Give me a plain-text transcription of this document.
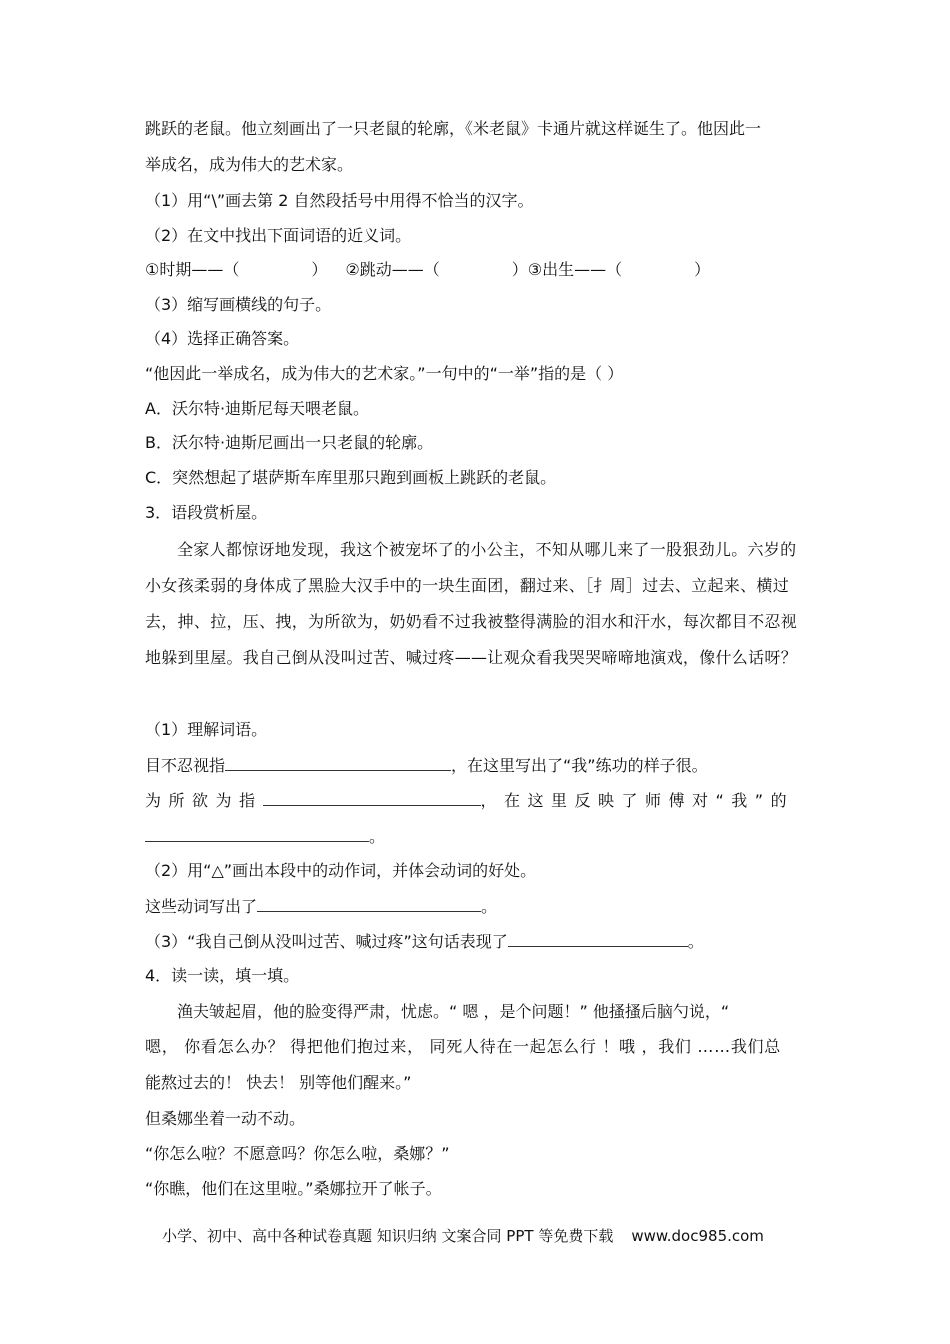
跳跃的老鼠。他立刻画出了一只老鼠的轮廓，《米老鼠》卡通片就这样诞生了。他因此一
举成名，成为伟大的艺术家。
（1）用“\”画去第 2 自然段括号中用得不恰当的汉字。
（2）在文中找出下面词语的近义词。
①时期——（	） ②跳动——（	）③出生——（	）
（3）缩写画横线的句子。
（4）选择正确答案。
“他因此一举成名，成为伟大的艺术家。”一句中的“一举”指的是（ ）
A．沃尔特·迪斯尼每天喂老鼠。
B．沃尔特·迪斯尼画出一只老鼠的轮廓。
C．突然想起了堪萨斯车库里那只跑到画板上跳跃的老鼠。
3．语段赏析屋。
全家人都惊讶地发现，我这个被宠坏了的小公主，不知从哪儿来了一股狠劲儿。六岁的小女孩柔弱的身体成了黑脸大汉手中的一块生面团，翻过来、［扌周］过去、立起来、横过去，抻、拉，压、拽，为所欲为，奶奶看不过我被整得满脸的泪水和汗水，每次都目不忍视地躲到里屋。我自己倒从没叫过苦、喊过疼——让观众看我哭哭啼啼地演戏，像什么话呀？
（1）理解词语。
目不忍视指	，在这里写出了“我”练功的样子很。
为所欲为指	，在这里反映了师傅对“我”的
。
（2）用“△”画出本段中的动作词，并体会动词的好处。
这些动词写出了	。
（3）“我自己倒从没叫过苦、喊过疼”这句话表现了	。
4．读一读，填一填。
渔夫皱起眉，他的脸变得严肃，忧虑。“ 嗯 ，是个问题！” 他搔搔后脑勺说，“
嗯， 你看怎么办？ 得把他们抱过来， 同死人待在一起怎么行 ！哦 ，我们 ……我们总
能熬过去的！ 快去！ 别等他们醒来。”
但桑娜坐着一动不动。
“你怎么啦？不愿意吗？你怎么啦，桑娜？”
“你瞧，他们在这里啦。”桑娜拉开了帐子。
小学、初中、高中各种试卷真题 知识归纳 文案合同 PPT 等免费下载 www.doc985.com
